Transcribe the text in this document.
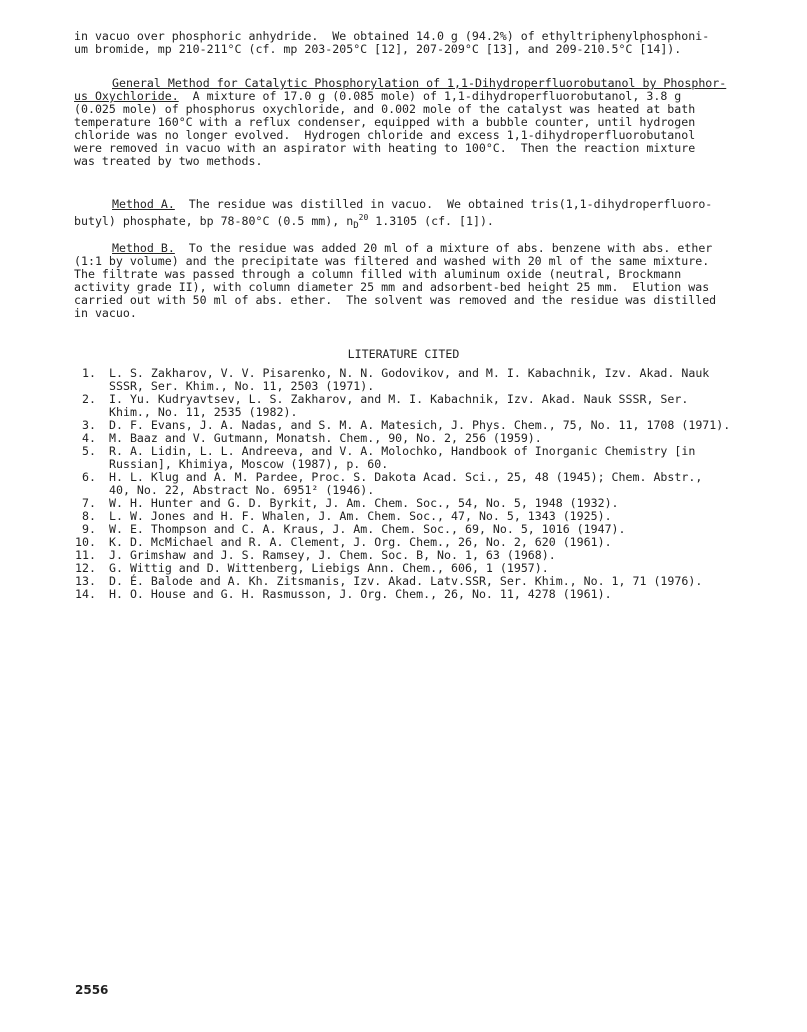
in vacuo over phosphoric anhydride.  We obtained 14.0 g (94.2%) of ethyltriphenylphosphoni-
um bromide, mp 210-211°C (cf. mp 203-205°C [12], 207-209°C [13], and 209-210.5°C [14]).
General Method for Catalytic Phosphorylation of 1,1-Dihydroperfluorobutanol by Phosphor-
us Oxychloride.  A mixture of 17.0 g (0.085 mole) of 1,1-dihydroperfluorobutanol, 3.8 g
(0.025 mole) of phosphorus oxychloride, and 0.002 mole of the catalyst was heated at bath
temperature 160°C with a reflux condenser, equipped with a bubble counter, until hydrogen
chloride was no longer evolved.  Hydrogen chloride and excess 1,1-dihydroperfluorobutanol
were removed in vacuo with an aspirator with heating to 100°C.  Then the reaction mixture
was treated by two methods.
Method A.  The residue was distilled in vacuo.  We obtained tris(1,1-dihydroperfluoro-
butyl) phosphate, bp 78-80°C (0.5 mm), $n_D^{20}$ 1.3105 (cf. [1]).
Method B.  To the residue was added 20 ml of a mixture of abs. benzene with abs. ether
(1:1 by volume) and the precipitate was filtered and washed with 20 ml of the same mixture.
The filtrate was passed through a column filled with aluminum oxide (neutral, Brockmann
activity grade II), with column diameter 25 mm and adsorbent-bed height 25 mm.  Elution was
carried out with 50 ml of abs. ether.  The solvent was removed and the residue was distilled
in vacuo.
LITERATURE CITED
1. L. S. Zakharov, V. V. Pisarenko, N. N. Godovikov, and M. I. Kabachnik, Izv. Akad. Nauk
SSSR, Ser. Khim., No. 11, 2503 (1971).
2. I. Yu. Kudryavtsev, L. S. Zakharov, and M. I. Kabachnik, Izv. Akad. Nauk SSSR, Ser.
Khim., No. 11, 2535 (1982).
3. D. F. Evans, J. A. Nadas, and S. M. A. Matesich, J. Phys. Chem., 75, No. 11, 1708 (1971).
4. M. Baaz and V. Gutmann, Monatsh. Chem., 90, No. 2, 256 (1959).
5. R. A. Lidin, L. L. Andreeva, and V. A. Molochko, Handbook of Inorganic Chemistry [in
Russian], Khimiya, Moscow (1987), p. 60.
6. H. L. Klug and A. M. Pardee, Proc. S. Dakota Acad. Sci., 25, 48 (1945); Chem. Abstr.,
40, No. 22, Abstract No. 6951² (1946).
7. W. H. Hunter and G. D. Byrkit, J. Am. Chem. Soc., 54, No. 5, 1948 (1932).
8. L. W. Jones and H. F. Whalen, J. Am. Chem. Soc., 47, No. 5, 1343 (1925).
9. W. E. Thompson and C. A. Kraus, J. Am. Chem. Soc., 69, No. 5, 1016 (1947).
10. K. D. McMichael and R. A. Clement, J. Org. Chem., 26, No. 2, 620 (1961).
11. J. Grimshaw and J. S. Ramsey, J. Chem. Soc. B, No. 1, 63 (1968).
12. G. Wittig and D. Wittenberg, Liebigs Ann. Chem., 606, 1 (1957).
13. D. É. Balode and A. Kh. Zitsmanis, Izv. Akad. Latv.SSR, Ser. Khim., No. 1, 71 (1976).
14. H. O. House and G. H. Rasmusson, J. Org. Chem., 26, No. 11, 4278 (1961).
2556
